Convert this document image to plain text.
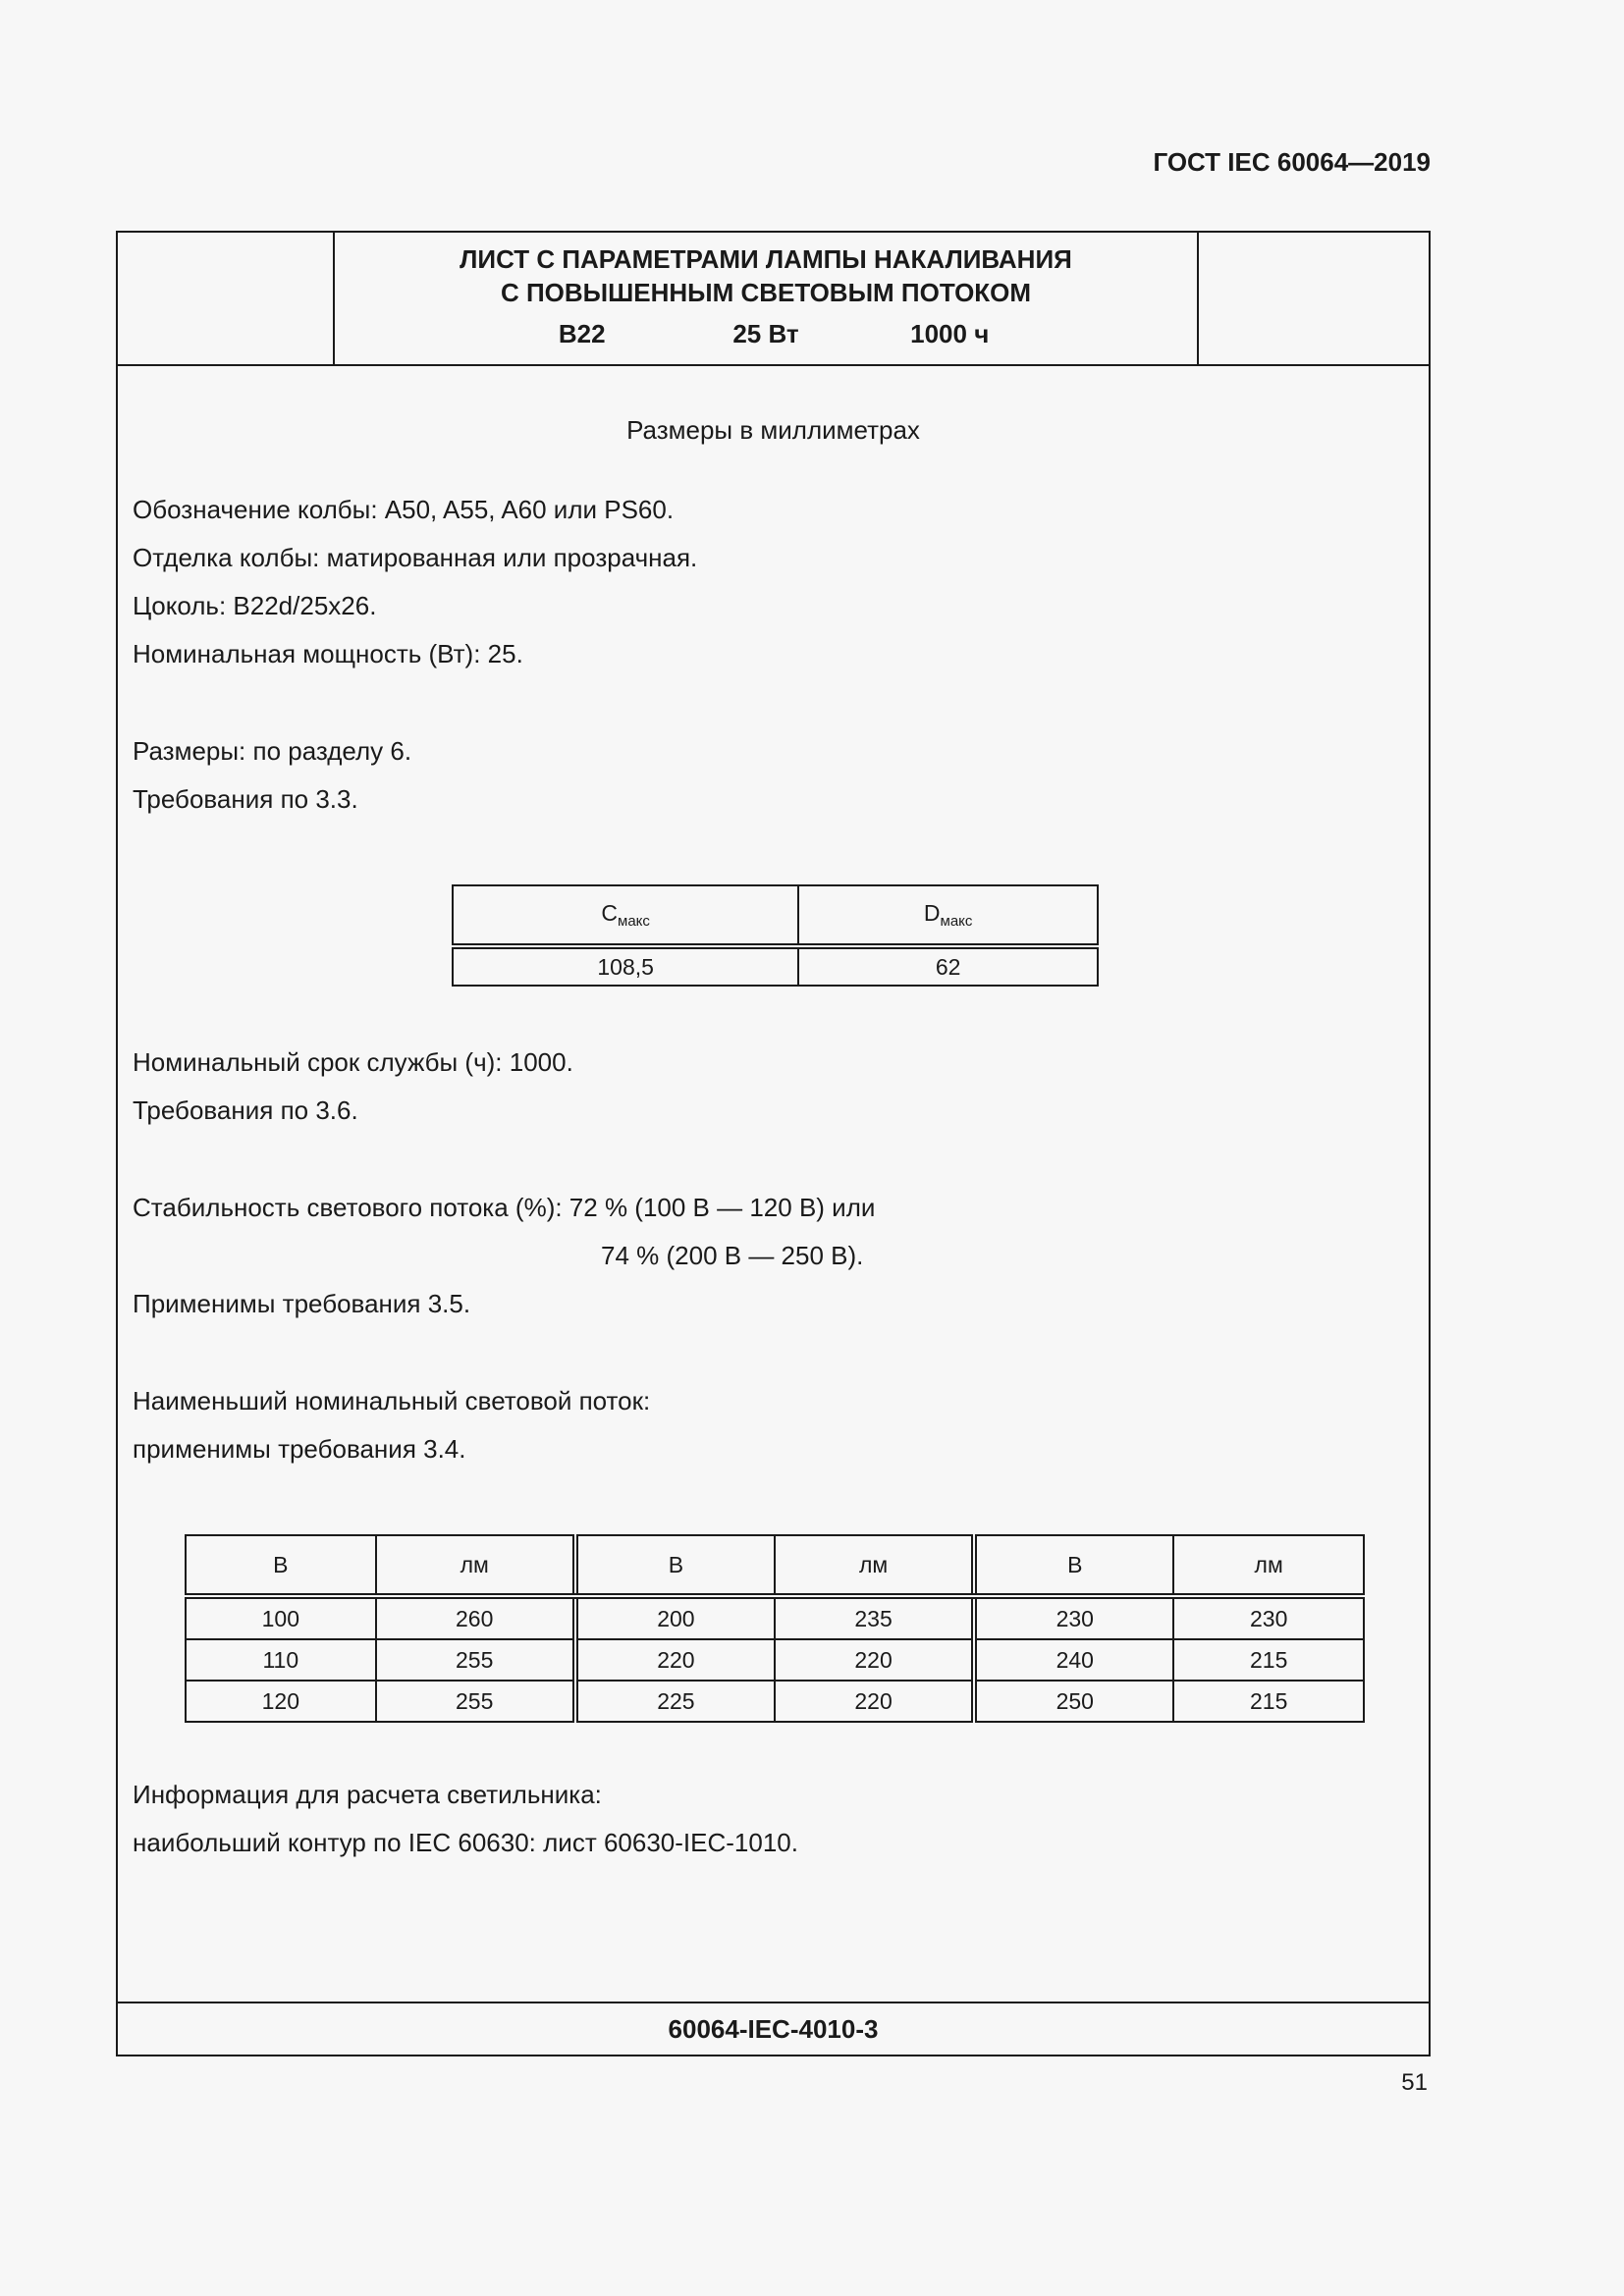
ГОСТ IEC 60064—2019
ЛИСТ С ПАРАМЕТРАМИ ЛАМПЫ НАКАЛИВАНИЯ
С ПОВЫШЕННЫМ СВЕТОВЫМ ПОТОКОМ
B22	25 Вт	1000 ч
Размеры в миллиметрах
Обозначение колбы: A50, A55, A60 или PS60.
Отделка колбы: матированная или прозрачная.
Цоколь: B22d/25x26.
Номинальная мощность (Вт): 25.
Размеры: по разделу 6.
Требования по 3.3.
$C_{макс}$	$D_{макс}$
108,5	62
Номинальный срок службы (ч): 1000.
Требования по 3.6.
Стабильность светового потока (%): 72 % (100 В — 120 В) или
74 % (200 В — 250 В).
Применимы требования 3.5.
Наименьший номинальный световой поток:
применимы требования 3.4.
В	лм	В	лм	В	лм
100	260	200	235	230	230
110	255	220	220	240	215
120	255	225	220	250	215
Информация для расчета светильника:
наибольший контур по IEC 60630: лист 60630-IEC-1010.
60064-IEC-4010-3
51
